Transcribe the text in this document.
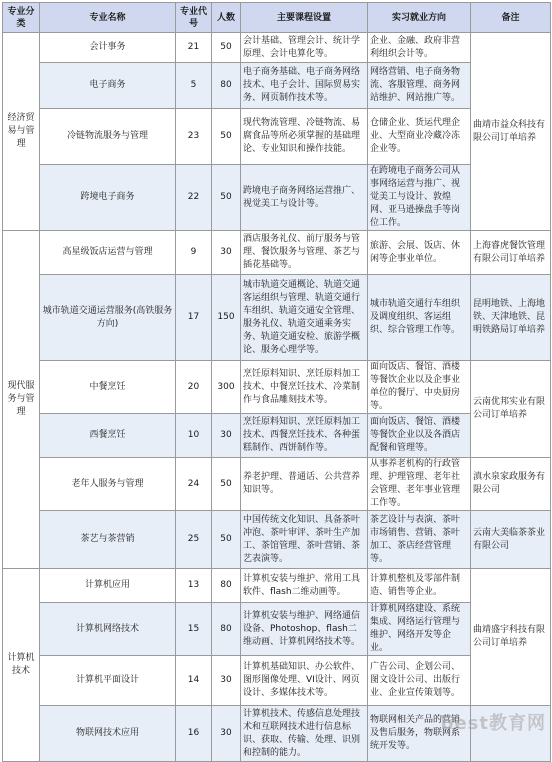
专业分类	专业名称	专业代号	人数	主要课程设置	实习就业方向	备注
经济贸易与管理	会计事务	21	50	会计基础、管理会计、统计学原理、会计电算化等。	企业、金融、政府非营利组织会计等。	曲靖市益众科技有限公司订单培养
	电子商务	5	80	电子商务基础、电子商务网络技术、电子会计、国际贸易实务、网页制作技术等。	网络营销、电子商务物流、客服管理、商务网站维护、网站推广等。	
	冷链物流服务与管理	23	50	现代物流管理、冷链物流、易腐食品等所必须掌握的基础理论、专业知识和操作技能。	仓储企业、货运代理企业、大型商业冷藏冷冻企业等。	
	跨境电子商务	22	50	跨境电子商务网络运营推广、视觉美工与设计等。	在跨境电子商务公司从事网络运营与推广、视觉美工与设计、敦煌网、亚马逊操盘手等岗位工作。	
现代服务与管理	高星级饭店运营与管理	9	30	酒店服务礼仪、前厅服务与管理、餐饮服务与管理、茶艺与插花基础等。	旅游、会展、饭店、休闲等企事业单位。	上海睿虎餐饮管理有限公司订单培养
	城市轨道交通运营服务(高铁服务方向)	17	150	城市轨道交通概论、轨道交通客运组织与管理、轨道交通行车组织、轨道交通安全管理、服务礼仪、轨道交通乘务实务、轨道交通安检、旅游学概论、服务心理学等。	城市轨道交通行车组织及调度组织、客运组织、综合管理工作等。	昆明地铁、上海地铁、天津地铁、昆明铁路局订单培养
	中餐烹饪	20	300	烹饪原料知识、烹饪原料加工技术、中餐烹饪技术、冷菜制作与食品雕刻技术等。	面向饭店、餐馆、酒楼等餐饮企业以及企事业单位的餐厅、中央厨房等。	云南优邦实业有限公司订单培养
	西餐烹饪	10	30	烹饪原料知识、烹饪原料加工技术、西餐烹饪技术、各种蛋糕制作、西饼制作等。	面向饭店、餐馆、酒楼等餐饮企业以及各酒店配餐和管理等。	
	老年人服务与管理	24	50	养老护理、普通话、公共营养知识等。	从事养老机构的行政管理、护理管理、老年社会管理、老年事业管理工作等。	滇水泉家政服务有限公司
	茶艺与茶营销	25	50	中国传统文化知识、具备茶叶冲泡、茶叶审评、茶叶生产加工、茶馆管理、茶叶营销、茶艺表演等。	茶艺设计与表演、茶叶市场销售、营销、茶叶加工、茶店经营管理等。	云南大美临茶茶业有限公司
计算机技术	计算机应用	13	80	计算机安装与维护、常用工具软件、flash二维动画等。	计算机整机及零部件制造、销售等企业。	曲靖盛宇科技有限公司订单培养
	计算机网络技术	15	80	计算机安装与维护、网络通信设备、Photoshop、flash二维动画、计算机网络技术等。	计算机网络建设、系统集成、网络运行管理与维护、网络开发等企业。	
	计算机平面设计	14	30	计算机基础知识、办公软件、图形图像处理、VI设计、网页设计、多媒体技术等。	广告公司、企划公司、图文设计公司、出版行业、企业宣传策划等。	
	物联网技术应用	16	30	计算机技术、传感信息处理技术和互联网技术进行信息标识、获取、传输、处理、识别和控制的能力。	物联网相关产品的营销及售后服务，物联网系统开发等。	
best教育网
